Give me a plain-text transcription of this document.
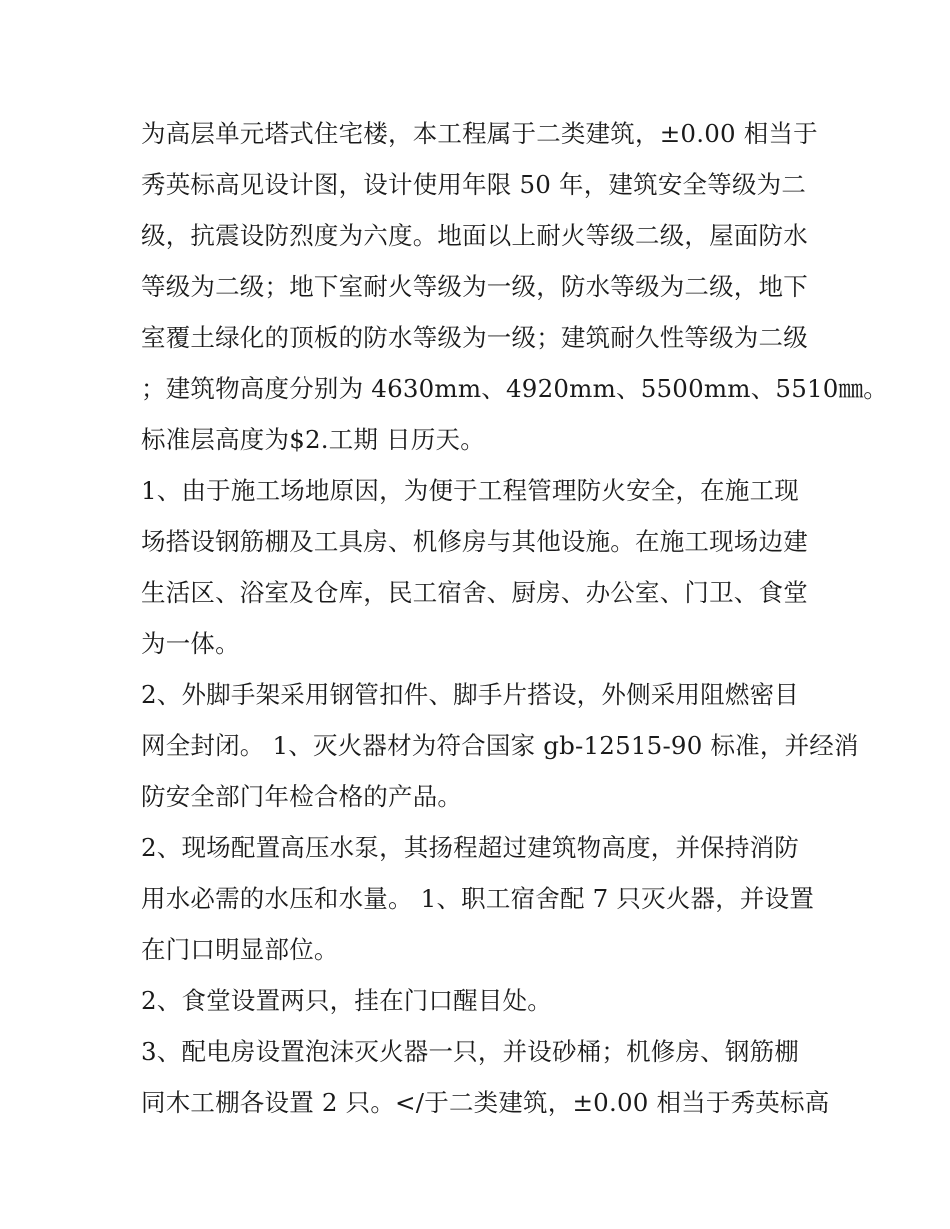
为高层单元塔式住宅楼，本工程属于二类建筑，±0.00 相当于
秀英标高见设计图，设计使用年限 50 年，建筑安全等级为二
级，抗震设防烈度为六度。地面以上耐火等级二级，屋面防水
等级为二级；地下室耐火等级为一级，防水等级为二级，地下
室覆土绿化的顶板的防水等级为一级；建筑耐久性等级为二级
；建筑物高度分别为 4630mm、4920mm、5500mm、5510㎜。
标准层高度为$2.工期 日历天。
1、由于施工场地原因，为便于工程管理防火安全，在施工现
场搭设钢筋棚及工具房、机修房与其他设施。在施工现场边建
生活区、浴室及仓库，民工宿舍、厨房、办公室、门卫、食堂
为一体。
2、外脚手架采用钢管扣件、脚手片搭设，外侧采用阻燃密目
网全封闭。 1、灭火器材为符合国家 gb-12515-90 标准，并经消
防安全部门年检合格的产品。
2、现场配置高压水泵，其扬程超过建筑物高度，并保持消防
用水必需的水压和水量。 1、职工宿舍配 7 只灭火器，并设置
在门口明显部位。
2、食堂设置两只，挂在门口醒目处。
3、配电房设置泡沫灭火器一只，并设砂桶；机修房、钢筋棚
同木工棚各设置 2 只。</于二类建筑，±0.00 相当于秀英标高
